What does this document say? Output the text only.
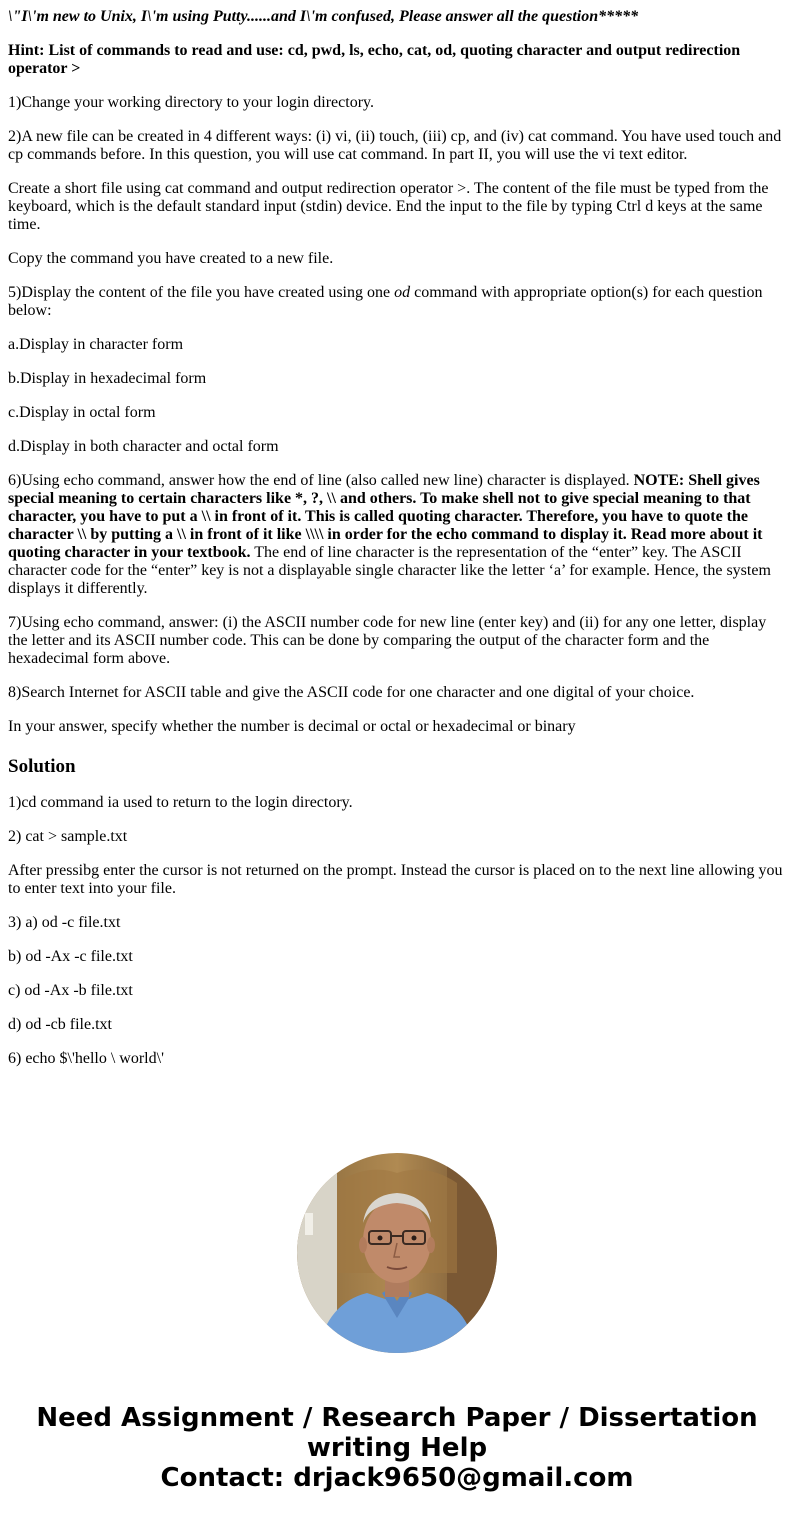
\"I\'m new to Unix, I\'m using Putty......and I\'m confused, Please answer all the question*****

Hint: List of commands to read and use: cd, pwd, ls, echo, cat, od, quoting character and output redirection operator >

1)Change your working directory to your login directory.

2)A new file can be created in 4 different ways: (i) vi, (ii) touch, (iii) cp, and (iv) cat command. You have used touch and cp commands before. In this question, you will use cat command. In part II, you will use the vi text editor.

Create a short file using cat command and output redirection operator >. The content of the file must be typed from the keyboard, which is the default standard input (stdin) device. End the input to the file by typing Ctrl d keys at the same time.

Copy the command you have created to a new file.

5)Display the content of the file you have created using one od command with appropriate option(s) for each question below:

a.Display in character form

b.Display in hexadecimal form

c.Display in octal form

d.Display in both character and octal form

6)Using echo command, answer how the end of line (also called new line) character is displayed. NOTE: Shell gives special meaning to certain characters like *, ?, \\ and others. To make shell not to give special meaning to that character, you have to put a \\ in front of it. This is called quoting character. Therefore, you have to quote the character \\ by putting a \\ in front of it like \\\\ in order for the echo command to display it. Read more about it quoting character in your textbook. The end of line character is the representation of the “enter” key. The ASCII character code for the “enter” key is not a displayable single character like the letter ‘a’ for example. Hence, the system displays it differently.

7)Using echo command, answer: (i) the ASCII number code for new line (enter key) and (ii) for any one letter, display the letter and its ASCII number code. This can be done by comparing the output of the character form and the hexadecimal form above.

8)Search Internet for ASCII table and give the ASCII code for one character and one digital of your choice.

In your answer, specify whether the number is decimal or octal or hexadecimal or binary

Solution

1)cd command ia used to return to the login directory.

2) cat > sample.txt

After pressibg enter the cursor is not returned on the prompt. Instead the cursor is placed on to the next line allowing you to enter text into your file.

3) a) od -c file.txt

b) od -Ax -c file.txt

c) od -Ax -b file.txt

d) od -cb file.txt

6) echo $\'hello \ world\'

Need Assignment / Research Paper / Dissertation
writing Help
Contact: drjack9650@gmail.com
